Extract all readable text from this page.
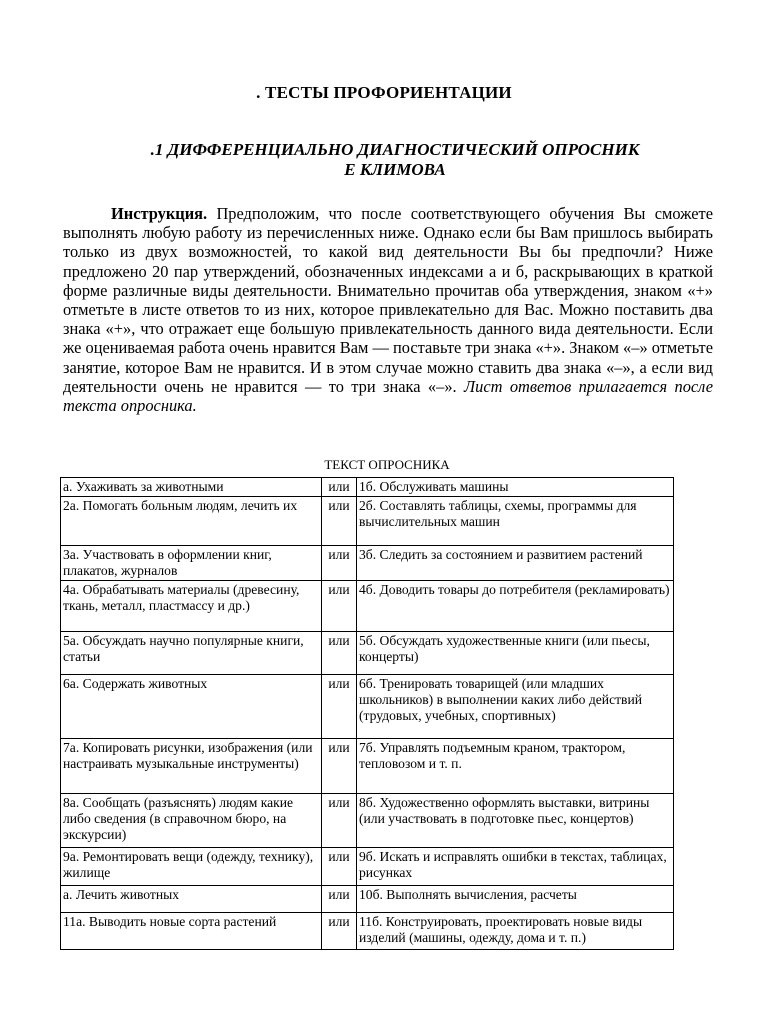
. ТЕСТЫ ПРОФОРИЕНТАЦИИ
.1 ДИФФЕРЕНЦИАЛЬНО ДИАГНОСТИЧЕСКИЙ ОПРОСНИК
Е КЛИМОВА
Инструкция. Предположим, что после соответствующего обучения Вы сможете выполнять любую работу из перечисленных ниже. Однако если бы Вам пришлось выбирать только из двух возможностей, то какой вид деятельности Вы бы предпочли? Ниже предложено 20 пар утверждений, обозначенных индексами а и б, раскрывающих в краткой форме различные виды деятельности. Внимательно прочитав оба утверждения, знаком «+» отметьте в листе ответов то из них, которое привлекательно для Вас. Можно поставить два знака «+», что отражает еще большую привлекательность данного вида деятельности. Если же оцениваемая работа очень нравится Вам — поставьте три знака «+». Знаком «–» отметьте занятие, которое Вам не нравится. И в этом случае можно ставить два знака «–», а если вид деятельности очень не нравится — то три знака «–». Лист ответов прилагается после текста опросника.
ТЕКСТ ОПРОСНИКА
а. Ухаживать за животными	или	1б. Обслуживать машины
2а. Помогать больным людям, лечить их	или	2б. Составлять таблицы, схемы, программы для вычислительных машин
3а. Участвовать в оформлении книг, плакатов, журналов	или	3б. Следить за состоянием и развитием растений
4а. Обрабатывать материалы (древесину, ткань, металл, пластмассу и др.)	или	4б. Доводить товары до потребителя (рекламировать)
5а. Обсуждать научно популярные книги, статьи	или	5б. Обсуждать художественные книги (или пьесы, концерты)
6а. Содержать животных	или	6б. Тренировать товарищей (или младших школьников) в выполнении каких либо действий (трудовых, учебных, спортивных)
7а. Копировать рисунки, изображения (или настраивать музыкальные инструменты)	или	7б. Управлять подъемным краном, трактором, тепловозом и т. п.
8а. Сообщать (разъяснять) людям какие либо сведения (в справочном бюро, на экскурсии)	или	8б. Художественно оформлять выставки, витрины (или участвовать в подготовке пьес, концертов)
9а. Ремонтировать вещи (одежду, технику), жилище	или	9б. Искать и исправлять ошибки в текстах, таблицах, рисунках
а. Лечить животных	или	10б. Выполнять вычисления, расчеты
11а. Выводить новые сорта растений	или	11б. Конструировать, проектировать новые виды изделий (машины, одежду, дома и т. п.)
